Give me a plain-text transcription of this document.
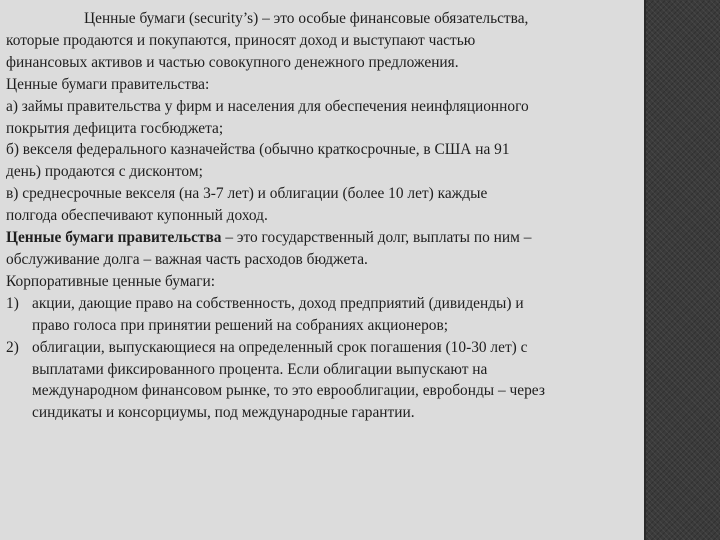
Ценные бумаги (security’s) – это особые финансовые обязательства,

которые продаются и покупаются, приносят доход и выступают частью

финансовых активов и частью совокупного денежного предложения.

Ценные бумаги правительства:

а) займы правительства у фирм и населения для обеспечения неинфляционного

покрытия дефицита госбюджета;

б) векселя федерального казначейства (обычно краткосрочные, в США на 91

день) продаются с дисконтом;

в) среднесрочные векселя (на 3-7 лет) и облигации (более 10 лет) каждые

полгода обеспечивают купонный доход.

Ценные бумаги правительства – это государственный долг, выплаты по ним –

обслуживание долга – важная часть расходов бюджета.

Корпоративные ценные бумаги:

1) акции, дающие право на собственность, доход предприятий (дивиденды) и
право голоса при принятии решений на собраниях акционеров;
2) облигации, выпускающиеся на определенный срок погашения (10-30 лет) с
выплатами фиксированного процента. Если облигации выпускают на
международном финансовом рынке, то это еврооблигации, евробонды – через
синдикаты и консорциумы, под международные гарантии.
